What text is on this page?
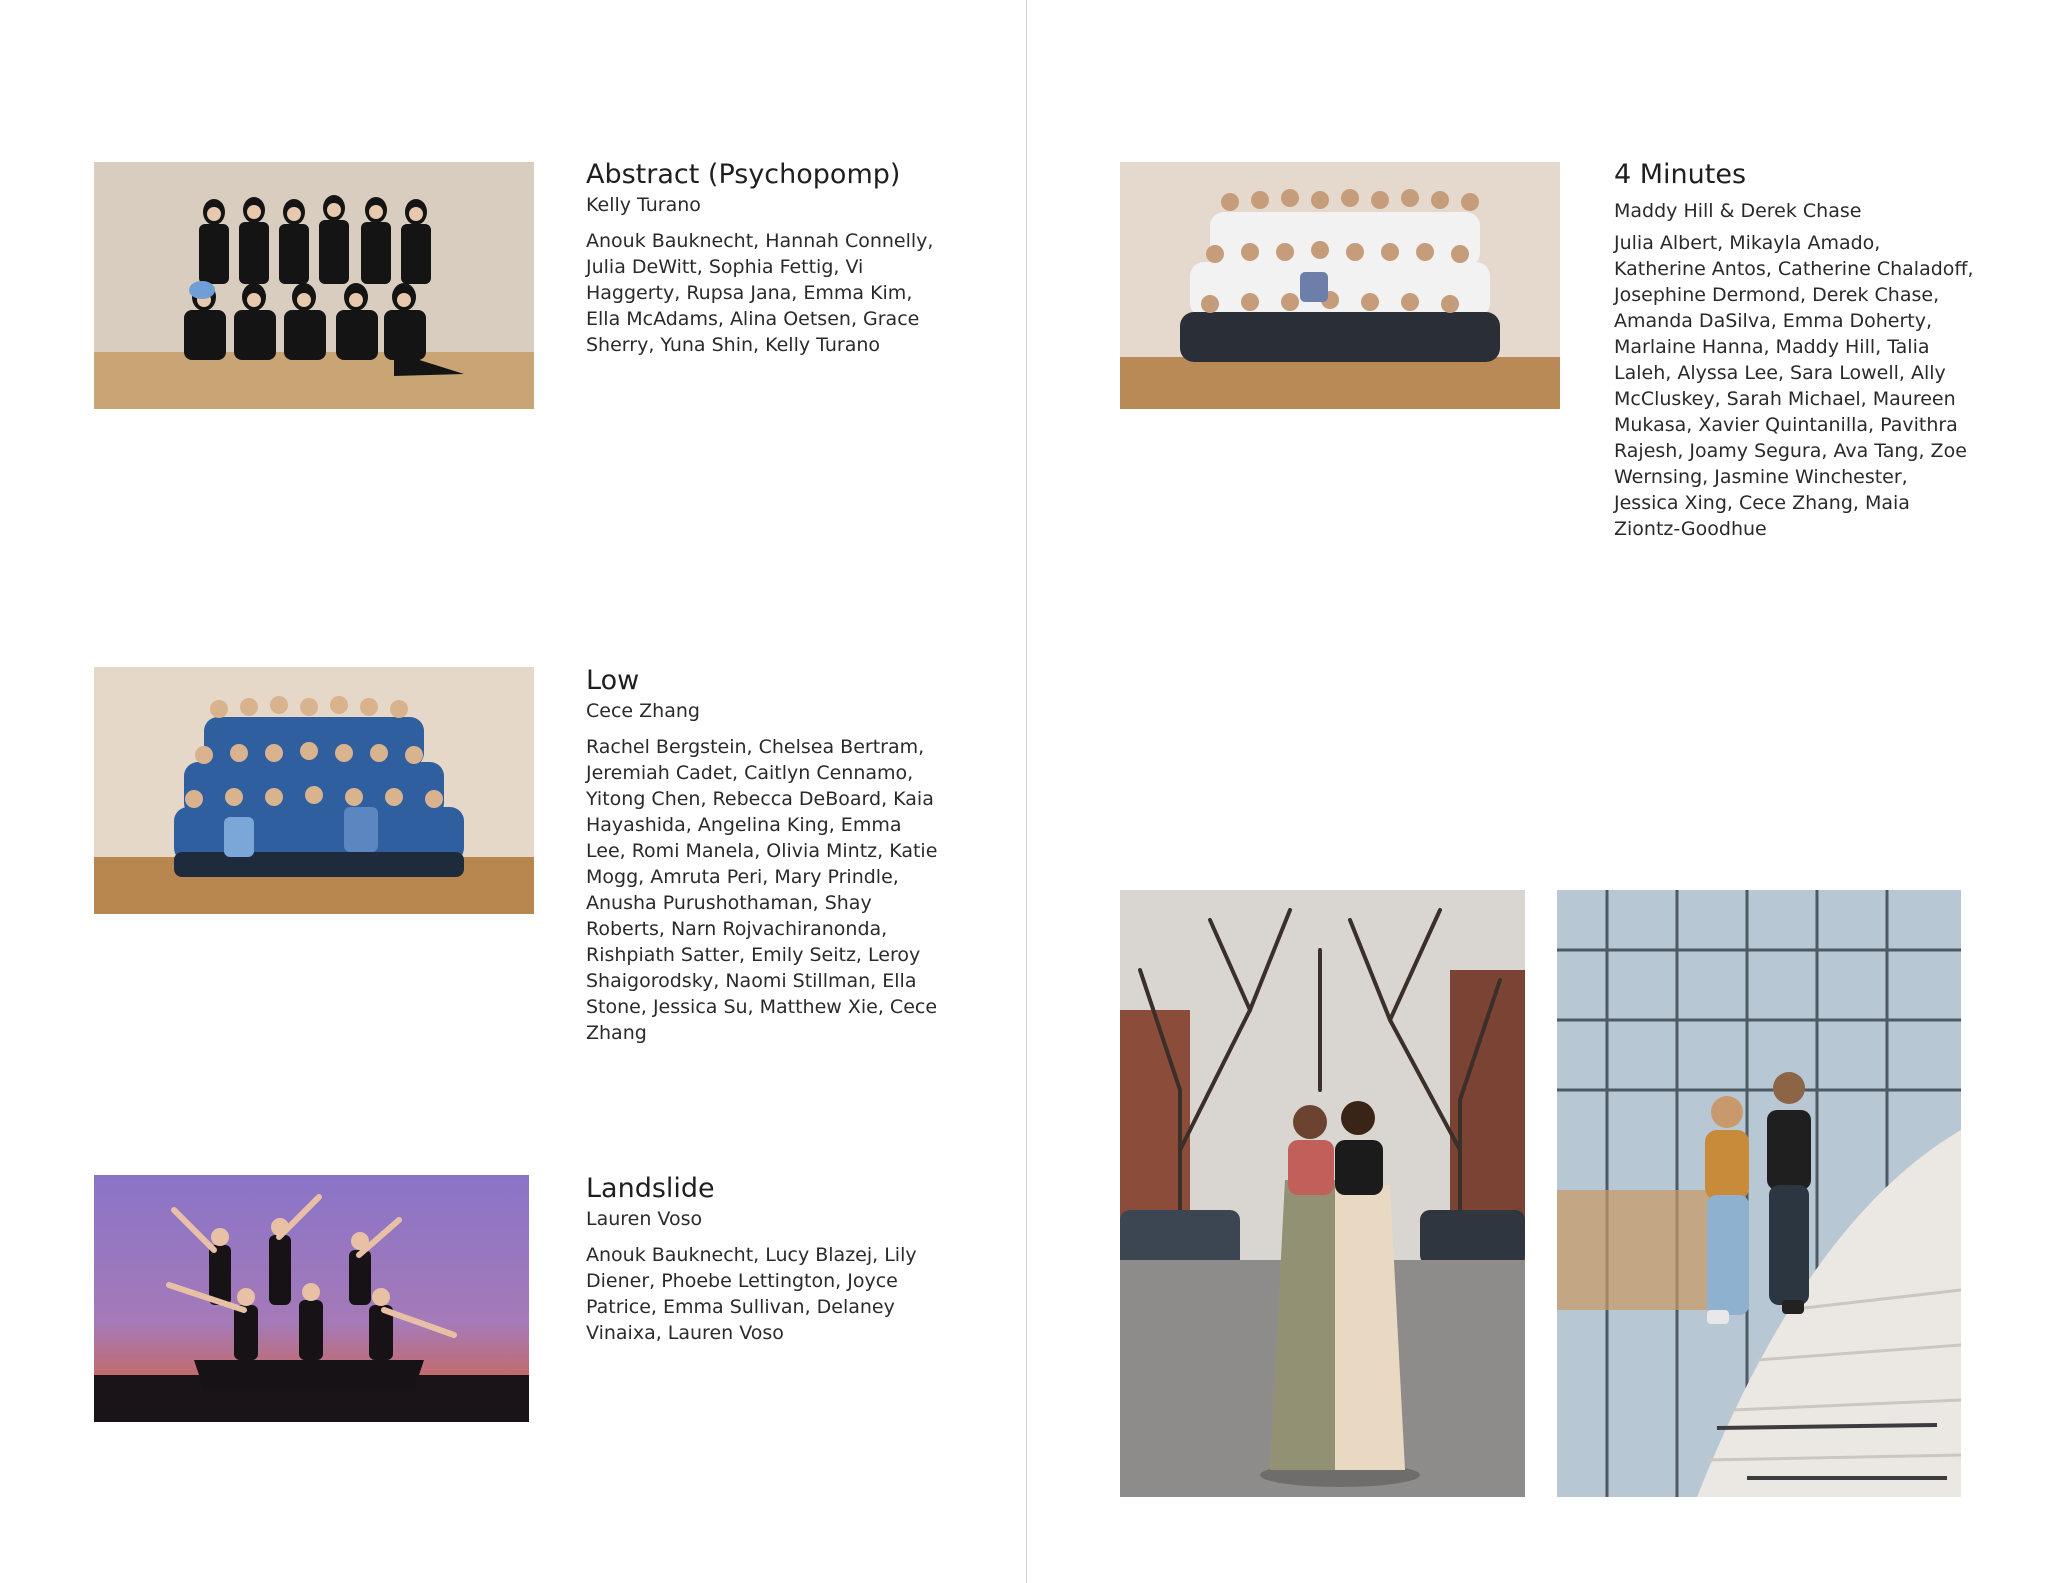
Abstract (Psychopomp)

Kelly Turano

Anouk Bauknecht, Hannah Connelly, Julia DeWitt, Sophia Fettig, Vi Haggerty, Rupsa Jana, Emma Kim, Ella McAdams, Alina Oetsen, Grace Sherry, Yuna Shin, Kelly Turano

Low

Cece Zhang

Rachel Bergstein, Chelsea Bertram, Jeremiah Cadet, Caitlyn Cennamo, Yitong Chen, Rebecca DeBoard, Kaia Hayashida, Angelina King, Emma Lee, Romi Manela, Olivia Mintz, Katie Mogg, Amruta Peri, Mary Prindle, Anusha Purushothaman, Shay Roberts, Narn Rojvachiranonda, Rishpiath Satter, Emily Seitz, Leroy Shaigorodsky, Naomi Stillman, Ella Stone, Jessica Su, Matthew Xie, Cece Zhang

Landslide

Lauren Voso

Anouk Bauknecht, Lucy Blazej, Lily Diener, Phoebe Lettington, Joyce Patrice, Emma Sullivan, Delaney Vinaixa, Lauren Voso

4 Minutes

Maddy Hill & Derek Chase

Julia Albert, Mikayla Amado, Katherine Antos, Catherine Chaladoff, Josephine Dermond, Derek Chase, Amanda DaSilva, Emma Doherty, Marlaine Hanna, Maddy Hill, Talia Laleh, Alyssa Lee, Sara Lowell, Ally McCluskey, Sarah Michael, Maureen Mukasa, Xavier Quintanilla, Pavithra Rajesh, Joamy Segura, Ava Tang, Zoe Wernsing, Jasmine Winchester, Jessica Xing, Cece Zhang, Maia Ziontz-Goodhue
